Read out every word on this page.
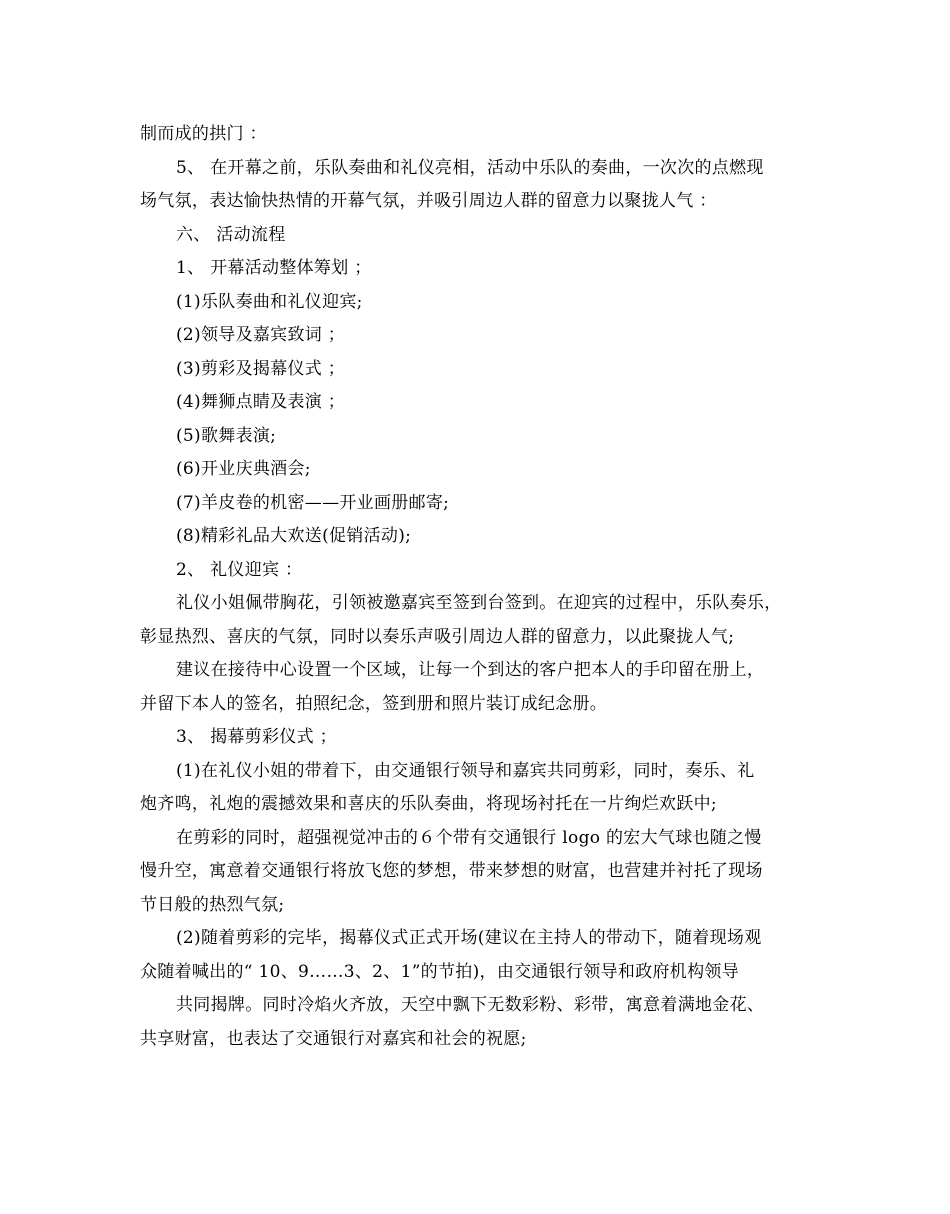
制而成的拱门 ：
5、 在开幕之前，乐队奏曲和礼仪亮相，活动中乐队的奏曲，一次次的点燃现
场气氛，表达愉快热情的开幕气氛，并吸引周边人群的留意力以聚拢人气 ：
六、 活动流程
1、 开幕活动整体筹划 ；
(1)乐队奏曲和礼仪迎宾;
(2)领导及嘉宾致词 ；
(3)剪彩及揭幕仪式 ；
(4)舞狮点睛及表演 ；
(5)歌舞表演;
(6)开业庆典酒会;
(7)羊皮卷的机密——开业画册邮寄;
(8)精彩礼品大欢送(促销活动);
2、 礼仪迎宾 ：
礼仪小姐佩带胸花，引领被邀嘉宾至签到台签到。在迎宾的过程中，乐队奏乐，
彰显热烈、喜庆的气氛，同时以奏乐声吸引周边人群的留意力，以此聚拢人气;
建议在接待中心设置一个区域，让每一个到达的客户把本人的手印留在册上，
并留下本人的签名，拍照纪念，签到册和照片装订成纪念册。
3、 揭幕剪彩仪式 ；
(1)在礼仪小姐的带着下，由交通银行领导和嘉宾共同剪彩，同时，奏乐、礼
炮齐鸣，礼炮的震撼效果和喜庆的乐队奏曲，将现场衬托在一片绚烂欢跃中;
在剪彩的同时，超强视觉冲击的６个带有交通银行 logo 的宏大气球也随之慢
慢升空，寓意着交通银行将放飞您的梦想，带来梦想的财富，也营建并衬托了现场
节日般的热烈气氛;
(2)随着剪彩的完毕，揭幕仪式正式开场(建议在主持人的带动下，随着现场观
众随着喊出的“ 10、9……3、2、1”的节拍)，由交通银行领导和政府机构领导
共同揭牌。同时冷焰火齐放，天空中飘下无数彩粉、彩带，寓意着满地金花、
共享财富，也表达了交通银行对嘉宾和社会的祝愿;
